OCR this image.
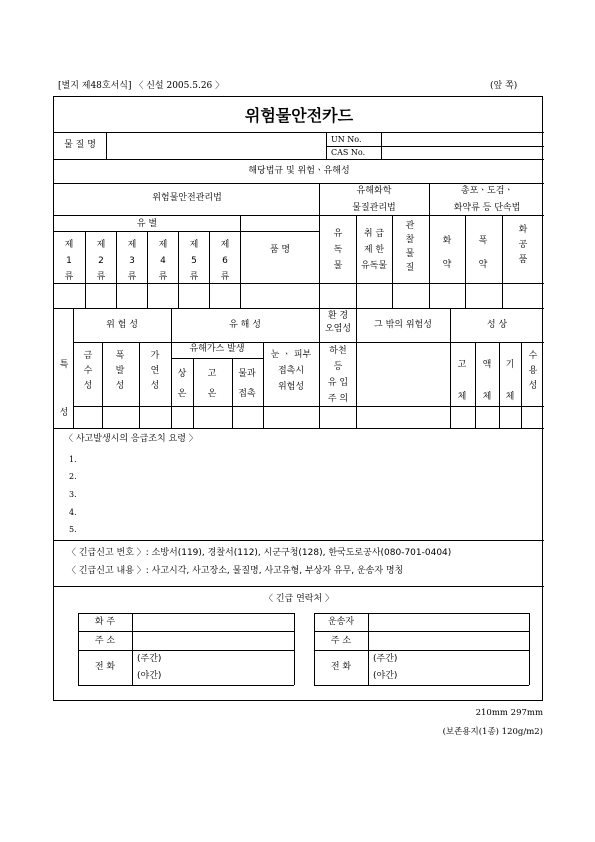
[별지 제48호서식] 〈 신설 2005.5.26 〉	(앞 쪽)
위험물안전카드
물 질 명
UN No.
CAS No.
해당법규 및 위험ㆍ유해성
위험물안전관리법
유해화학
물질관리법
총포ㆍ도검ㆍ
화약류 등 단속법
유 별
제
1
류
제
2
류
제
3
류
제
4
류
제
5
류
제
6
류
품 명
유
독
물
취 급
제 한
유독물
관
찰
물
질
화
약
폭
약
화
공
품
특
성
위 험 성
금
수
성
폭
발
성
가
연
성
유 해 성
유해가스 발생
상
온
고
온
물과
접촉
눈 ㆍ 피부
접촉시
위험성
환 경
오염성
하천
등
유 입
주 의
그 밖의 위험성	성 상
고
체
액
체
기
체
수
용
성
〈 사고발생시의 응급조치 요령 〉
1.
2.
3.
4.
5.
〈 긴급신고 번호 〉: 소방서(119), 경찰서(112), 시군구청(128), 한국도로공사(080-701-0404)
〈 긴급신고 내용 〉: 사고시각, 사고장소, 물질명, 사고유형, 부상자 유무, 운송자 명칭
〈 긴급 연락처 〉
화 주
주 소
전 화
(주간)
(야간)
운송자
주 소
전 화
(주간)
(야간)
210mm 297mm
(보존용지(1종) 120g/m2)
